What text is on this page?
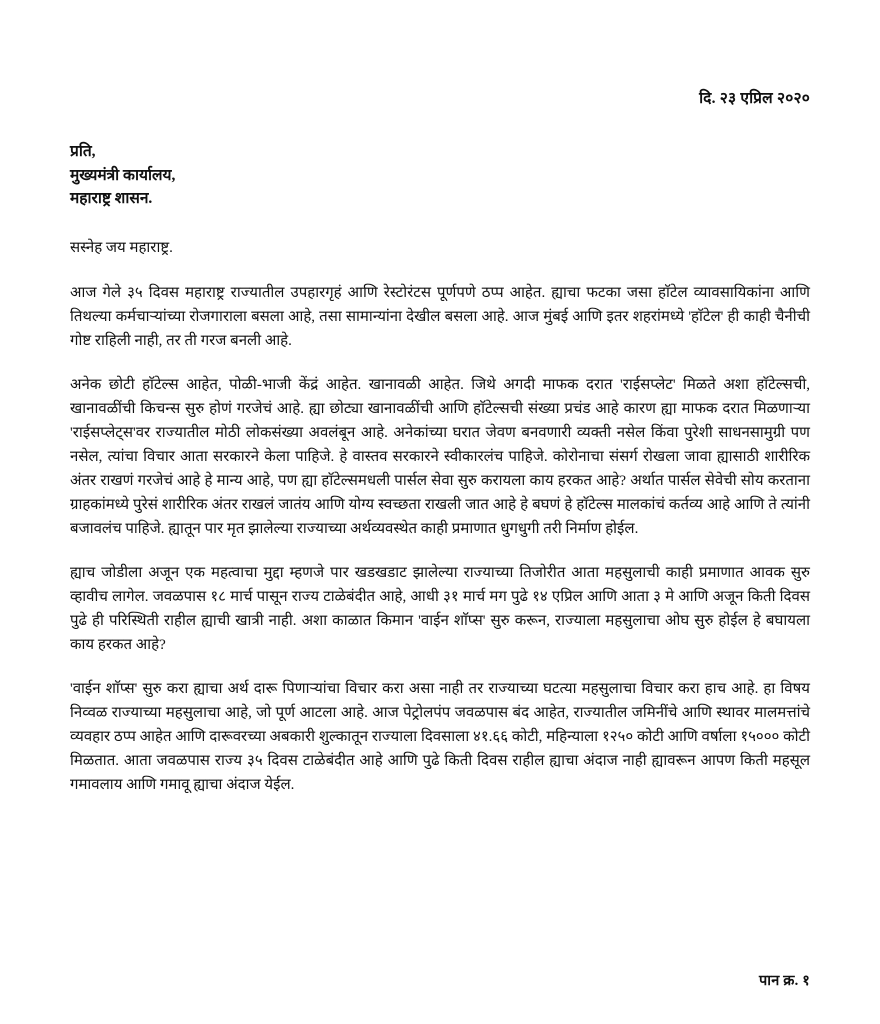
दि. २३ एप्रिल २०२०
प्रति,
मुख्यमंत्री कार्यालय,
महाराष्ट्र शासन.
सस्नेह जय महाराष्ट्र.
आज गेले ३५ दिवस महाराष्ट्र राज्यातील उपहारगृहं आणि रेस्टोरंटस पूर्णपणे ठप्प आहेत. ह्याचा फटका जसा हाॅटेल व्यावसायिकांना आणि तिथल्या कर्मचाऱ्यांच्या रोजगाराला बसला आहे, तसा सामान्यांना देखील बसला आहे. आज मुंबई आणि इतर शहरांमध्ये 'हाॅटेल' ही काही चैनीची गोष्ट राहिली नाही, तर ती गरज बनली आहे.
अनेक छोटी हाॅटेल्स आहेत, पोळी-भाजी केंद्रं आहेत. खानावळी आहेत. जिथे अगदी माफक दरात 'राईसप्लेट' मिळते अशा हाॅटेल्सची, खानावळींची किचन्स सुरु होणं गरजेचं आहे. ह्या छोट्या खानावळींची आणि हाॅटेल्सची संख्या प्रचंड आहे कारण ह्या माफक दरात मिळणाऱ्या 'राईसप्लेट्स'वर राज्यातील मोठी लोकसंख्या अवलंबून आहे. अनेकांच्या घरात जेवण बनवणारी व्यक्ती नसेल किंवा पुरेशी साधनसामुग्री पण नसेल, त्यांचा विचार आता सरकारने केला पाहिजे. हे वास्तव सरकारने स्वीकारलंच पाहिजे. कोरोनाचा संसर्ग रोखला जावा ह्यासाठी शारीरिक अंतर राखणं गरजेचं आहे हे मान्य आहे, पण ह्या हाॅटेल्समधली पार्सल सेवा सुरु करायला काय हरकत आहे? अर्थात पार्सल सेवेची सोय करताना ग्राहकांमध्ये पुरेसं शारीरिक अंतर राखलं जातंय आणि योग्य स्वच्छता राखली जात आहे हे बघणं हे हाॅटेल्स मालकांचं कर्तव्य आहे आणि ते त्यांनी बजावलंच पाहिजे. ह्यातून पार मृत झालेल्या राज्याच्या अर्थव्यवस्थेत काही प्रमाणात धुगधुगी तरी निर्माण होईल.
ह्याच जोडीला अजून एक महत्वाचा मुद्दा म्हणजे पार खडखडाट झालेल्या राज्याच्या तिजोरीत आता महसुलाची काही प्रमाणात आवक सुरु व्हावीच लागेल. जवळपास १८ मार्च पासून राज्य टाळेबंदीत आहे, आधी ३१ मार्च मग पुढे १४ एप्रिल आणि आता ३ मे आणि अजून किती दिवस पुढे ही परिस्थिती राहील ह्याची खात्री नाही. अशा काळात किमान 'वाईन शाॅप्स' सुरु करून, राज्याला महसुलाचा ओघ सुरु होईल हे बघायला काय हरकत आहे?
'वाईन शाॅप्स' सुरु करा ह्याचा अर्थ दारू पिणाऱ्यांचा विचार करा असा नाही तर राज्याच्या घटत्या महसुलाचा विचार करा हाच आहे. हा विषय निव्वळ राज्याच्या महसुलाचा आहे, जो पूर्ण आटला आहे. आज पेट्रोलपंप जवळपास बंद आहेत, राज्यातील जमिनींचे आणि स्थावर मालमत्तांचे व्यवहार ठप्प आहेत आणि दारूवरच्या अबकारी शुल्कातून राज्याला दिवसाला ४१.६६ कोटी, महिन्याला १२५० कोटी आणि वर्षाला १५००० कोटी मिळतात. आता जवळपास राज्य ३५ दिवस टाळेबंदीत आहे आणि पुढे किती दिवस राहील ह्याचा अंदाज नाही ह्यावरून आपण किती महसूल गमावलाय आणि गमावू ह्याचा अंदाज येईल.
पान क्र. १
